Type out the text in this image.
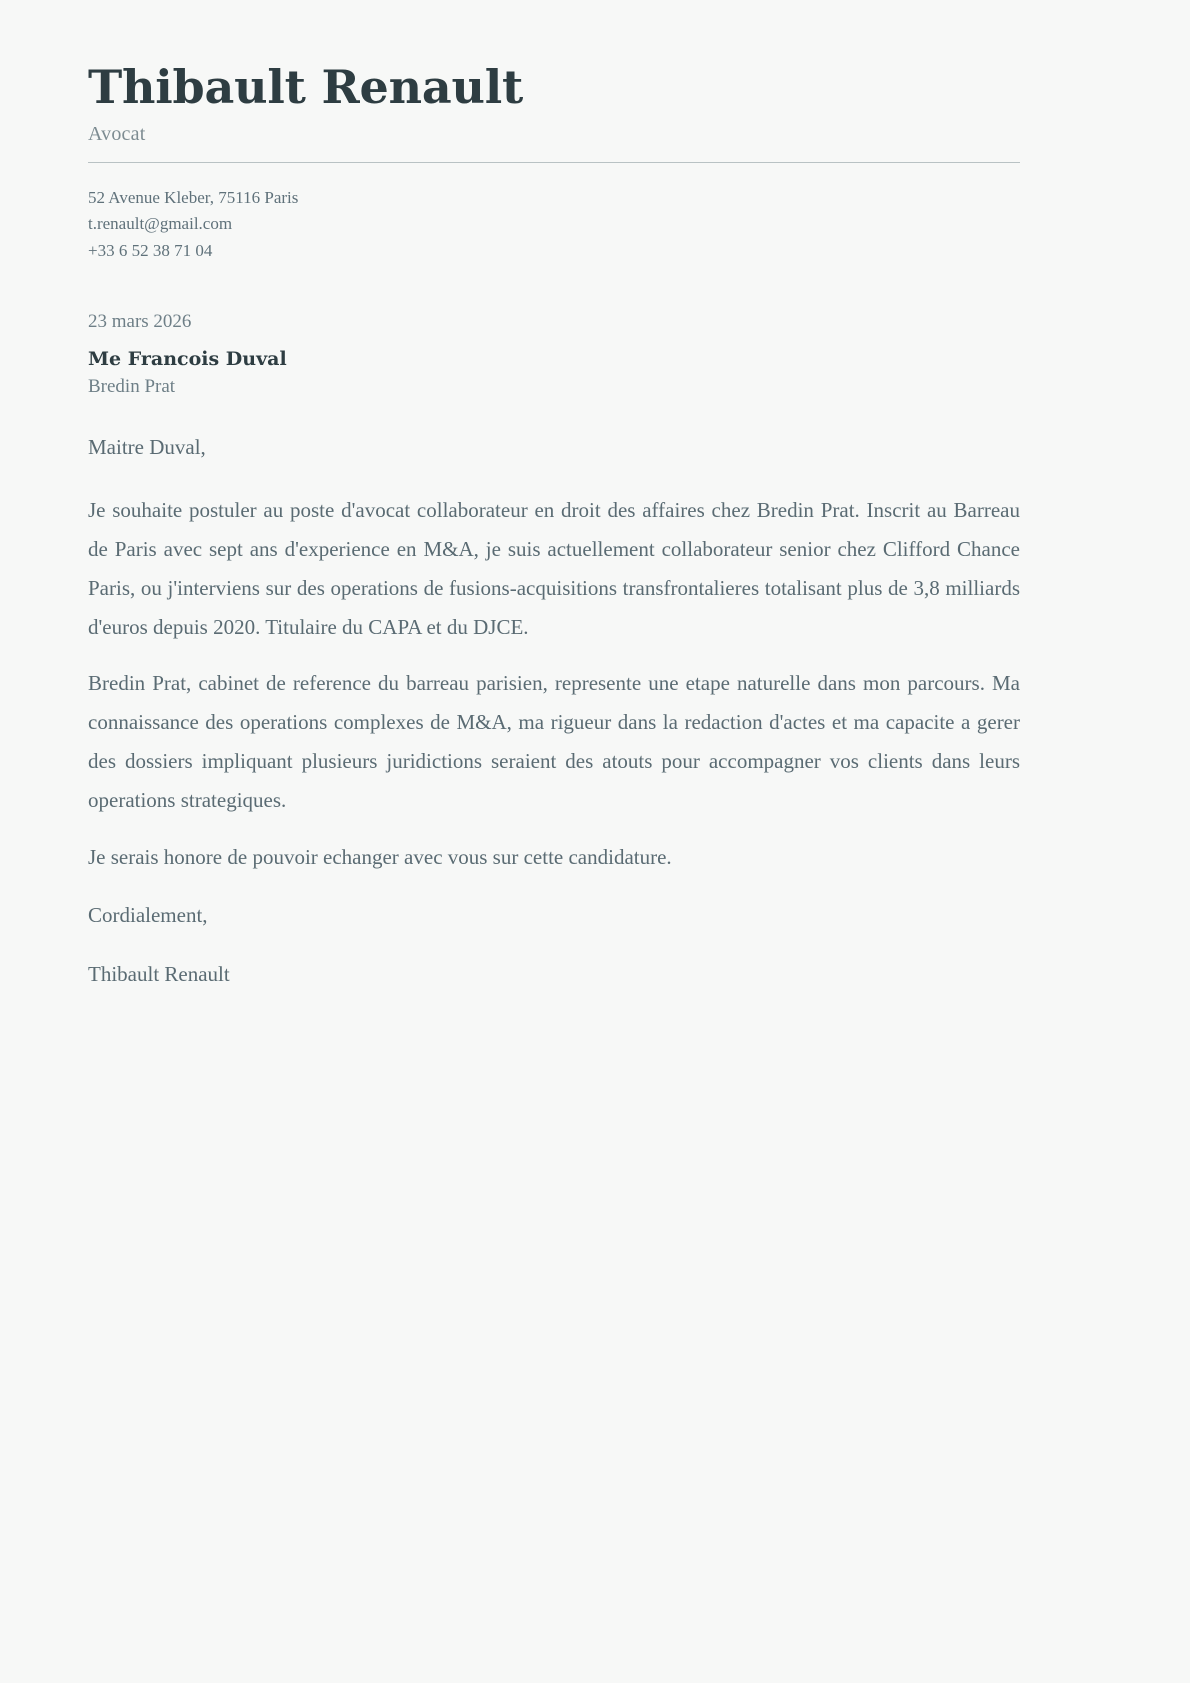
Thibault Renault
Avocat
52 Avenue Kleber, 75116 Paris
t.renault@gmail.com
+33 6 52 38 71 04
23 mars 2026
Me Francois Duval
Bredin Prat
Maitre Duval,

Je souhaite postuler au poste d'avocat collaborateur en droit des affaires chez Bredin Prat. Inscrit au Barreau de Paris avec sept ans d'experience en M&A, je suis actuellement collaborateur senior chez Clifford Chance Paris, ou j'interviens sur des operations de fusions-acquisitions transfrontalieres totalisant plus de 3,8 milliards d'euros depuis 2020. Titulaire du CAPA et du DJCE.

Bredin Prat, cabinet de reference du barreau parisien, represente une etape naturelle dans mon parcours. Ma connaissance des operations complexes de M&A, ma rigueur dans la redaction d'actes et ma capacite a gerer des dossiers impliquant plusieurs juridictions seraient des atouts pour accompagner vos clients dans leurs operations strategiques.

Je serais honore de pouvoir echanger avec vous sur cette candidature.

Cordialement,
Thibault Renault
